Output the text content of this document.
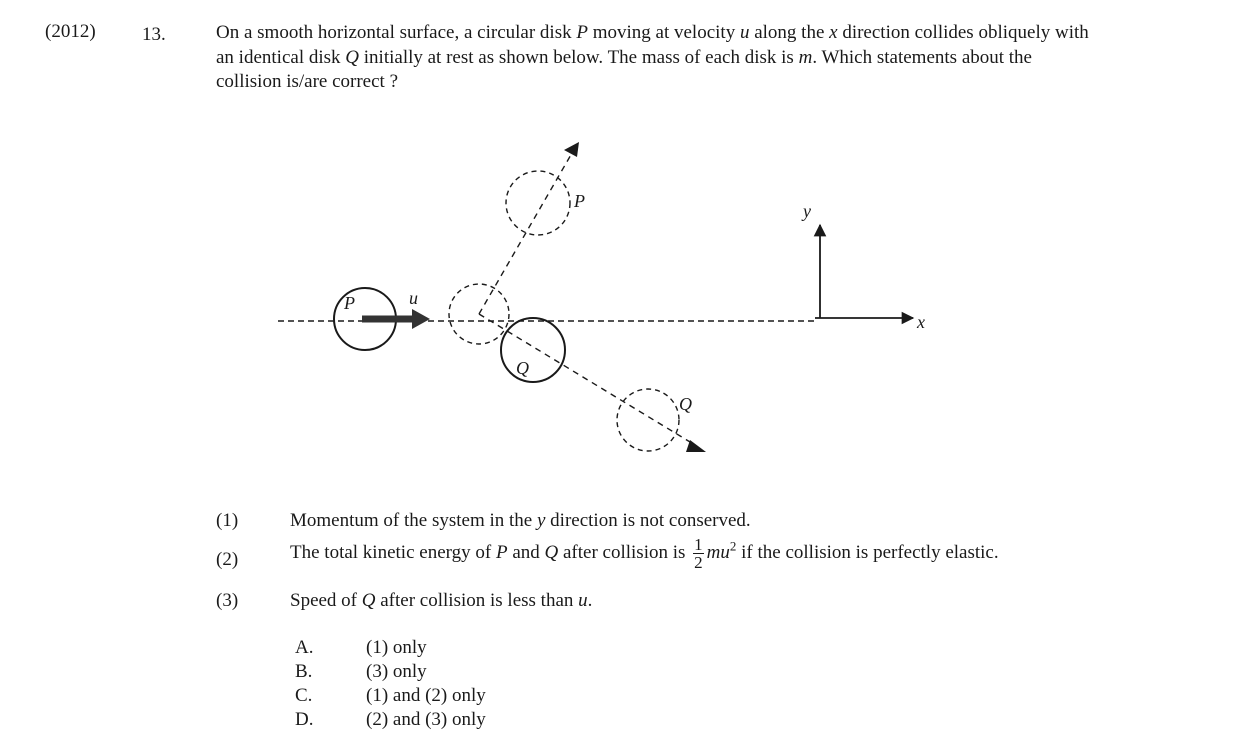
(2012) 13.	On a smooth horizontal surface, a circular disk P moving at velocity u along the x direction collides obliquely with an identical disk Q initially at rest as shown below. The mass of each disk is m. Which statements about the collision is/are correct ?
P	u
Q
P
Q
y
x
(1)	Momentum of the system in the y direction is not conserved.
(2)	The total kinetic energy of P and Q after collision is $\frac{1}{2} mu^2$ if the collision is perfectly elastic.
(3)	Speed of Q after collision is less than u.
A.	(1) only
B.	(3) only
C.	(1) and (2) only
D.	(2) and (3) only
